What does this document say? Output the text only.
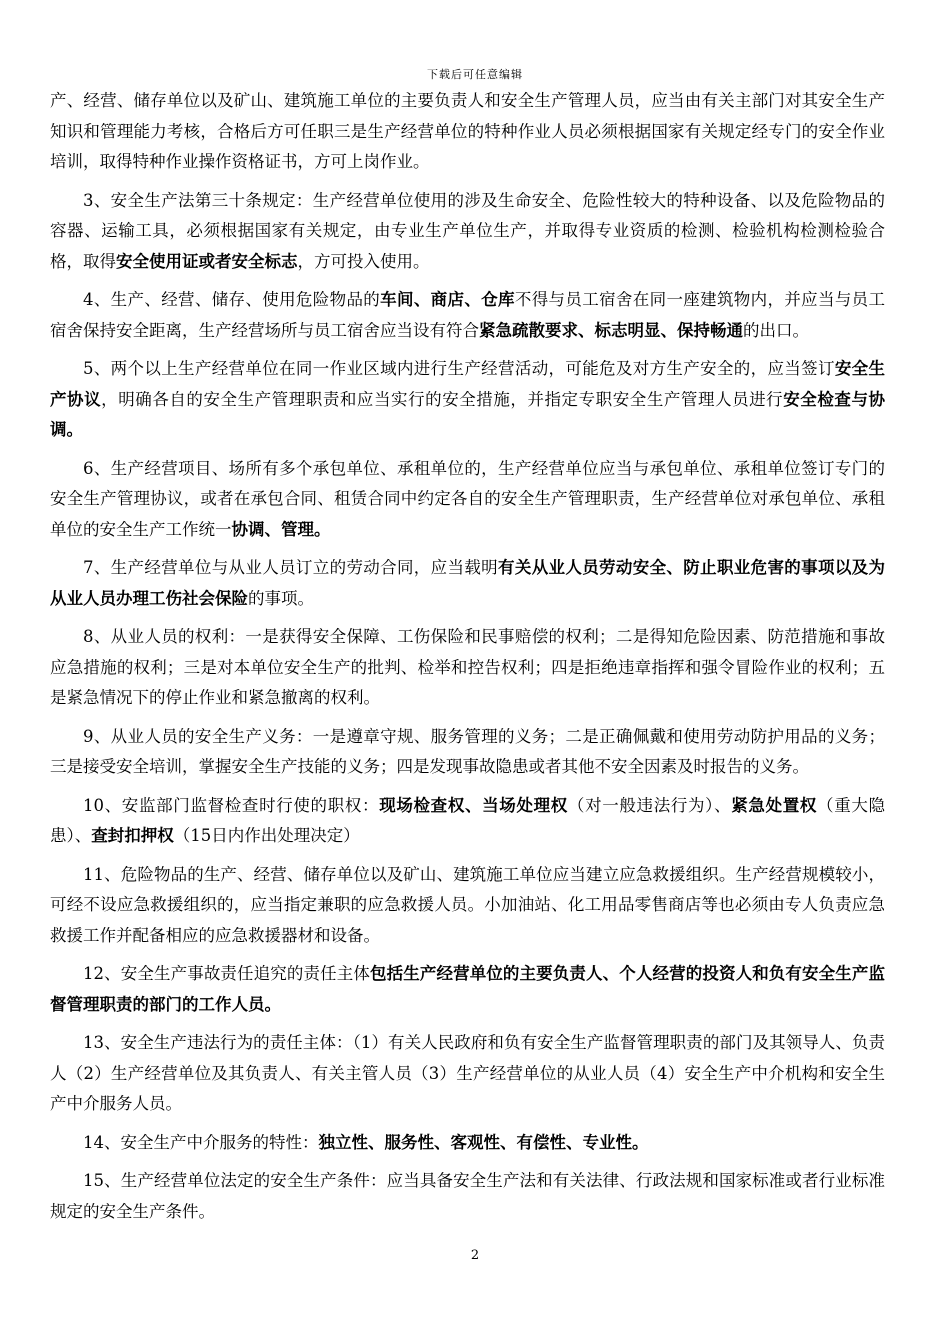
下载后可任意编辑

产、经营、储存单位以及矿山、建筑施工单位的主要负责人和安全生产管理人员，应当由有关主部门对其安全生产知识和管理能力考核，合格后方可任职三是生产经营单位的特种作业人员必须根据国家有关规定经专门的安全作业培训，取得特种作业操作资格证书，方可上岗作业。

3、安全生产法第三十条规定：生产经营单位使用的涉及生命安全、危险性较大的特种设备、以及危险物品的容器、运输工具，必须根据国家有关规定，由专业生产单位生产，并取得专业资质的检测、检验机构检测检验合格，取得安全使用证或者安全标志，方可投入使用。

4、生产、经营、储存、使用危险物品的车间、商店、仓库不得与员工宿舍在同一座建筑物内，并应当与员工宿舍保持安全距离，生产经营场所与员工宿舍应当设有符合紧急疏散要求、标志明显、保持畅通的出口。

5、两个以上生产经营单位在同一作业区域内进行生产经营活动，可能危及对方生产安全的，应当签订安全生产协议，明确各自的安全生产管理职责和应当实行的安全措施，并指定专职安全生产管理人员进行安全检查与协调。

6、生产经营项目、场所有多个承包单位、承租单位的，生产经营单位应当与承包单位、承租单位签订专门的安全生产管理协议，或者在承包合同、租赁合同中约定各自的安全生产管理职责，生产经营单位对承包单位、承租单位的安全生产工作统一协调、管理。

7、生产经营单位与从业人员订立的劳动合同，应当载明有关从业人员劳动安全、防止职业危害的事项以及为从业人员办理工伤社会保险的事项。

8、从业人员的权利：一是获得安全保障、工伤保险和民事赔偿的权利；二是得知危险因素、防范措施和事故应急措施的权利；三是对本单位安全生产的批判、检举和控告权利；四是拒绝违章指挥和强令冒险作业的权利；五是紧急情况下的停止作业和紧急撤离的权利。

9、从业人员的安全生产义务：一是遵章守规、服务管理的义务；二是正确佩戴和使用劳动防护用品的义务；三是接受安全培训，掌握安全生产技能的义务；四是发现事故隐患或者其他不安全因素及时报告的义务。

10、安监部门监督检查时行使的职权：现场检查权、当场处理权（对一般违法行为）、紧急处置权（重大隐患）、查封扣押权（15日内作出处理决定）

11、危险物品的生产、经营、储存单位以及矿山、建筑施工单位应当建立应急救援组织。生产经营规模较小，可经不设应急救援组织的，应当指定兼职的应急救援人员。小加油站、化工用品零售商店等也必须由专人负责应急救援工作并配备相应的应急救援器材和设备。

12、安全生产事故责任追究的责任主体包括生产经营单位的主要负责人、个人经营的投资人和负有安全生产监督管理职责的部门的工作人员。

13、安全生产违法行为的责任主体：（1）有关人民政府和负有安全生产监督管理职责的部门及其领导人、负责人（2）生产经营单位及其负责人、有关主管人员（3）生产经营单位的从业人员（4）安全生产中介机构和安全生产中介服务人员。

14、安全生产中介服务的特性：独立性、服务性、客观性、有偿性、专业性。

15、生产经营单位法定的安全生产条件：应当具备安全生产法和有关法律、行政法规和国家标准或者行业标准规定的安全生产条件。

2
